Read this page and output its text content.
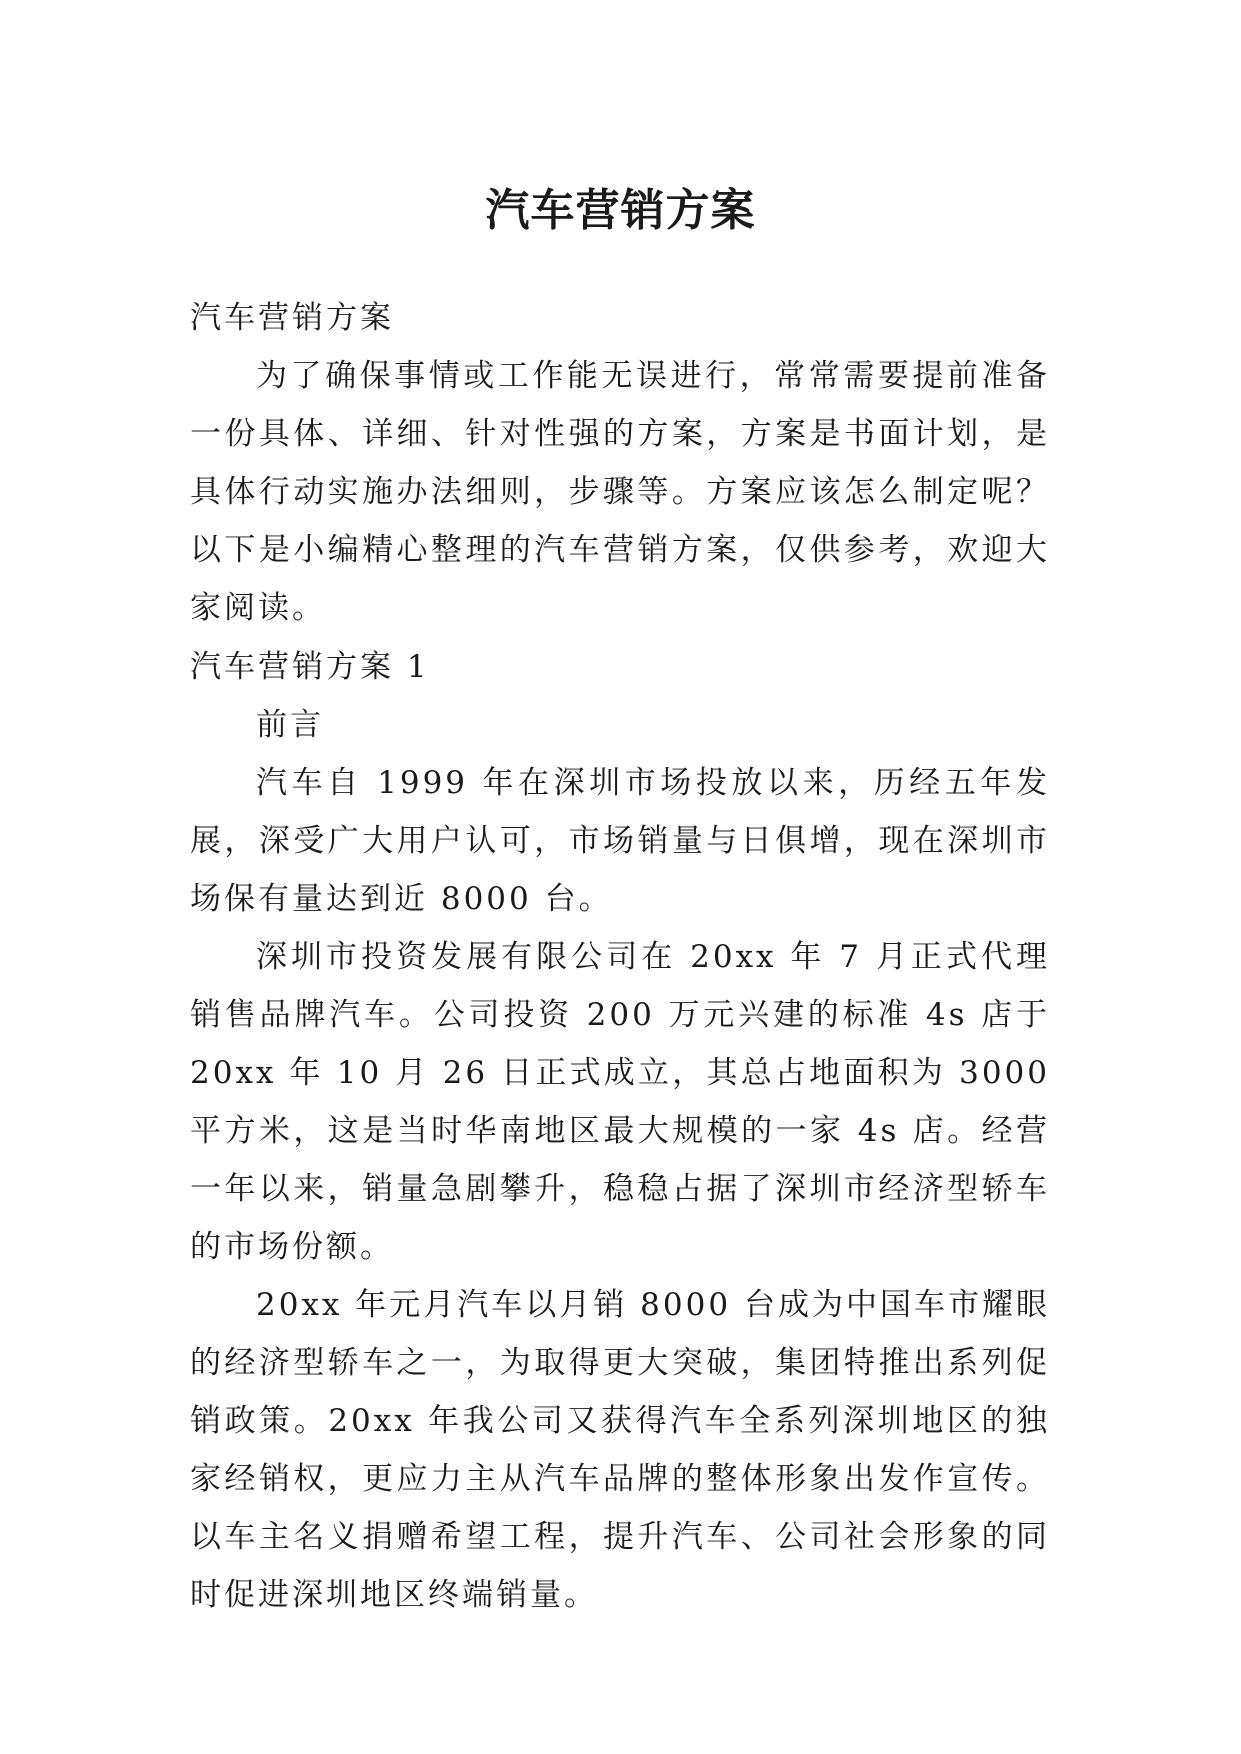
汽车营销方案

汽车营销方案

为了确保事情或工作能无误进行，常常需要提前准备一份具体、详细、针对性强的方案，方案是书面计划，是具体行动实施办法细则，步骤等。方案应该怎么制定呢？以下是小编精心整理的汽车营销方案，仅供参考，欢迎大家阅读。

汽车营销方案 1

前言

汽车自 1999 年在深圳市场投放以来，历经五年发展，深受广大用户认可，市场销量与日俱增，现在深圳市场保有量达到近 8000 台。

深圳市投资发展有限公司在 20xx 年 7 月正式代理销售品牌汽车。公司投资 200 万元兴建的标准 4s 店于 20xx 年 10 月 26 日正式成立，其总占地面积为 3000 平方米，这是当时华南地区最大规模的一家 4s 店。经营一年以来，销量急剧攀升，稳稳占据了深圳市经济型轿车的市场份额。

20xx 年元月汽车以月销 8000 台成为中国车市耀眼的经济型轿车之一，为取得更大突破，集团特推出系列促销政策。20xx 年我公司又获得汽车全系列深圳地区的独家经销权，更应力主从汽车品牌的整体形象出发作宣传。以车主名义捐赠希望工程，提升汽车、公司社会形象的同时促进深圳地区终端销量。
